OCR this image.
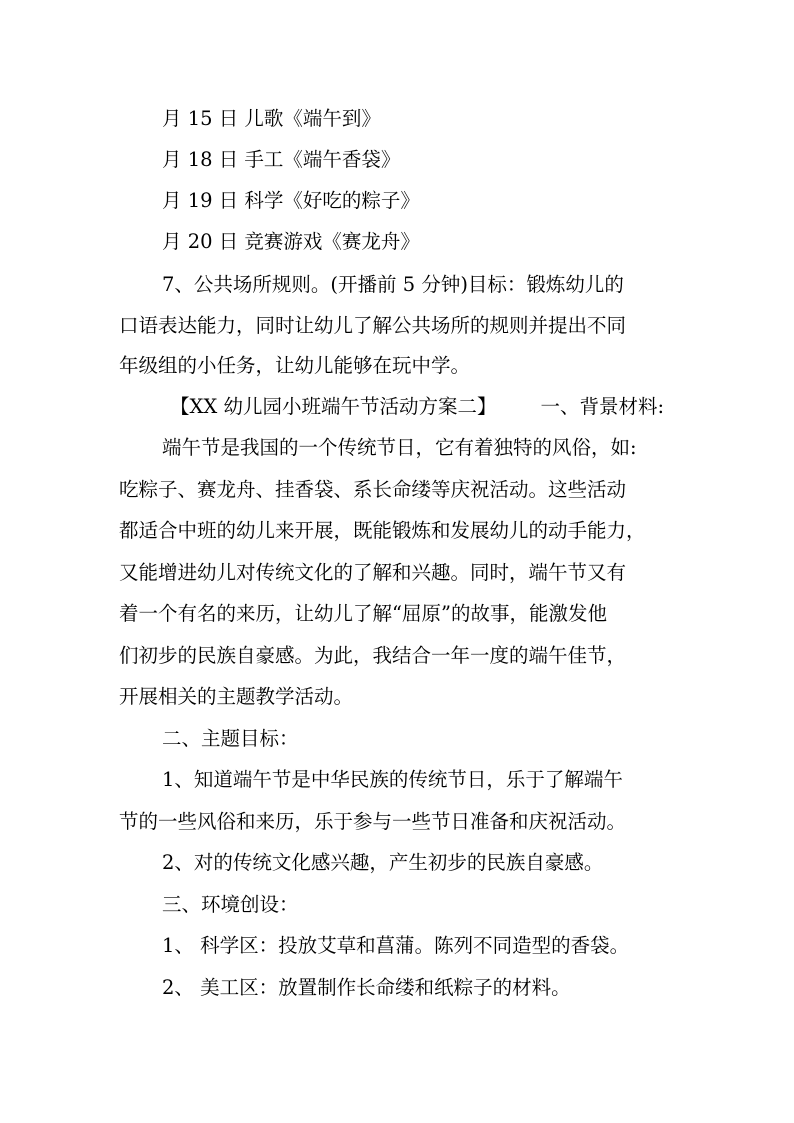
月 15 日 儿歌《端午到》
月 18 日 手工《端午香袋》
月 19 日 科学《好吃的粽子》
月 20 日 竞赛游戏《赛龙舟》
7、公共场所规则。(开播前 5 分钟)目标：锻炼幼儿的
口语表达能力，同时让幼儿了解公共场所的规则并提出不同
年级组的小任务，让幼儿能够在玩中学。
【XX 幼儿园小班端午节活动方案二】 一、背景材料:
端午节是我国的一个传统节日，它有着独特的风俗，如:
吃粽子、赛龙舟、挂香袋、系长命缕等庆祝活动。这些活动
都适合中班的幼儿来开展，既能锻炼和发展幼儿的动手能力，
又能增进幼儿对传统文化的了解和兴趣。同时，端午节又有
着一个有名的来历，让幼儿了解“屈原”的故事，能激发他
们初步的民族自豪感。为此，我结合一年一度的端午佳节，
开展相关的主题教学活动。
二、主题目标：
1、知道端午节是中华民族的传统节日，乐于了解端午
节的一些风俗和来历，乐于参与一些节日准备和庆祝活动。
2、对的传统文化感兴趣，产生初步的民族自豪感。
三、环境创设：
1、 科学区：投放艾草和菖蒲。陈列不同造型的香袋。
2、 美工区：放置制作长命缕和纸粽子的材料。
